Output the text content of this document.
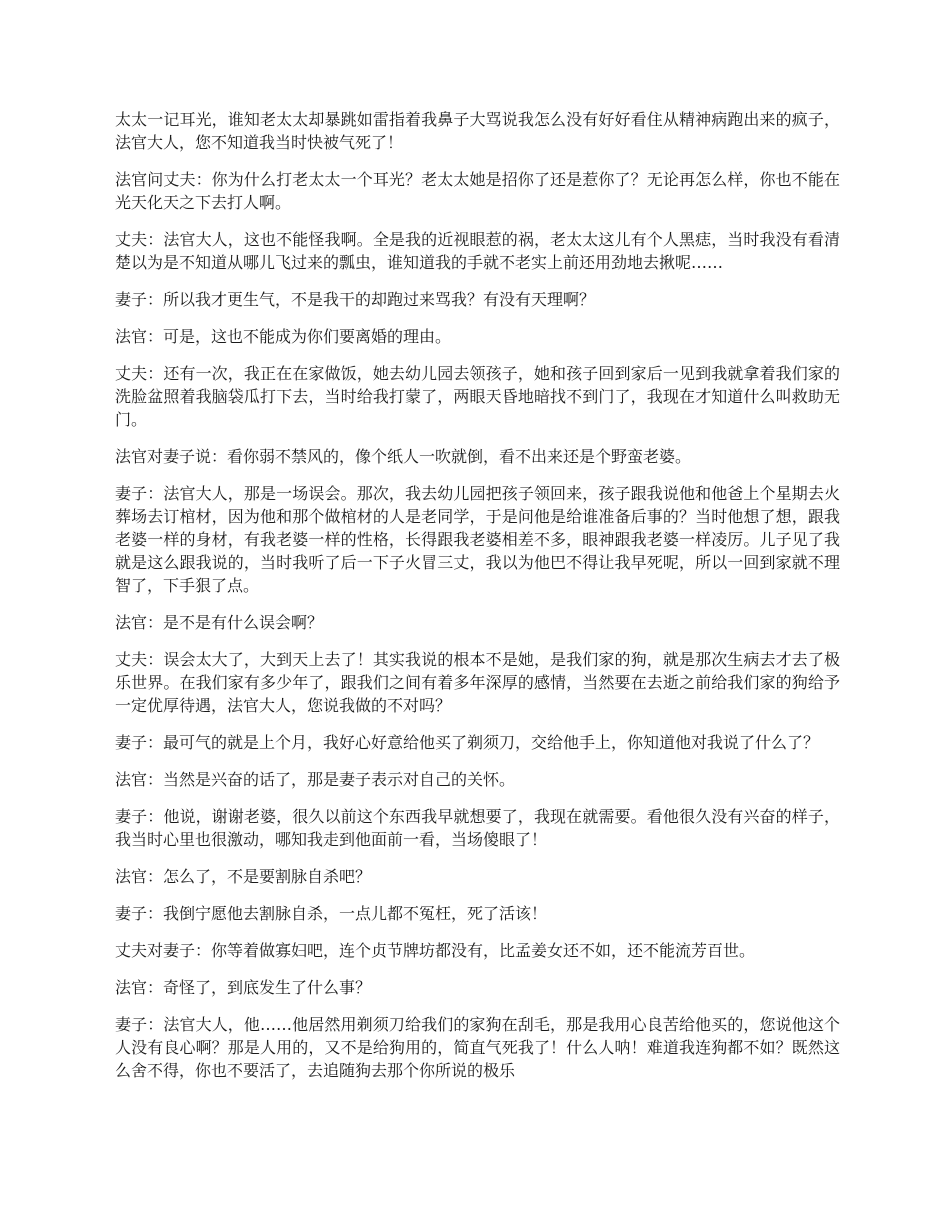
太太一记耳光，谁知老太太却暴跳如雷指着我鼻子大骂说我怎么没有好好看住从精神病跑出来的疯子，法官大人，您不知道我当时快被气死了！

法官问丈夫：你为什么打老太太一个耳光？老太太她是招你了还是惹你了？无论再怎么样，你也不能在光天化天之下去打人啊。

丈夫：法官大人，这也不能怪我啊。全是我的近视眼惹的祸，老太太这儿有个人黑痣，当时我没有看清楚以为是不知道从哪儿飞过来的瓢虫，谁知道我的手就不老实上前还用劲地去揪呢……

妻子：所以我才更生气，不是我干的却跑过来骂我？有没有天理啊？

法官：可是，这也不能成为你们要离婚的理由。

丈夫：还有一次，我正在在家做饭，她去幼儿园去领孩子，她和孩子回到家后一见到我就拿着我们家的洗脸盆照着我脑袋瓜打下去，当时给我打蒙了，两眼天昏地暗找不到门了，我现在才知道什么叫救助无门。

法官对妻子说：看你弱不禁风的，像个纸人一吹就倒，看不出来还是个野蛮老婆。

妻子：法官大人，那是一场误会。那次，我去幼儿园把孩子领回来，孩子跟我说他和他爸上个星期去火葬场去订棺材，因为他和那个做棺材的人是老同学，于是问他是给谁准备后事的？当时他想了想，跟我老婆一样的身材，有我老婆一样的性格，长得跟我老婆相差不多，眼神跟我老婆一样凌厉。儿子见了我就是这么跟我说的，当时我听了后一下子火冒三丈，我以为他巴不得让我早死呢，所以一回到家就不理智了，下手狠了点。

法官：是不是有什么误会啊？

丈夫：误会太大了，大到天上去了！其实我说的根本不是她，是我们家的狗，就是那次生病去才去了极乐世界。在我们家有多少年了，跟我们之间有着多年深厚的感情，当然要在去逝之前给我们家的狗给予一定优厚待遇，法官大人，您说我做的不对吗？

妻子：最可气的就是上个月，我好心好意给他买了剃须刀，交给他手上，你知道他对我说了什么了？

法官：当然是兴奋的话了，那是妻子表示对自己的关怀。

妻子：他说，谢谢老婆，很久以前这个东西我早就想要了，我现在就需要。看他很久没有兴奋的样子，我当时心里也很激动，哪知我走到他面前一看，当场傻眼了！

法官：怎么了，不是要割脉自杀吧？

妻子：我倒宁愿他去割脉自杀，一点儿都不冤枉，死了活该！

丈夫对妻子：你等着做寡妇吧，连个贞节牌坊都没有，比孟姜女还不如，还不能流芳百世。

法官：奇怪了，到底发生了什么事？

妻子：法官大人，他……他居然用剃须刀给我们的家狗在刮毛，那是我用心良苦给他买的，您说他这个人没有良心啊？那是人用的，又不是给狗用的，简直气死我了！什么人呐！难道我连狗都不如？既然这么舍不得，你也不要活了，去追随狗去那个你所说的极乐
